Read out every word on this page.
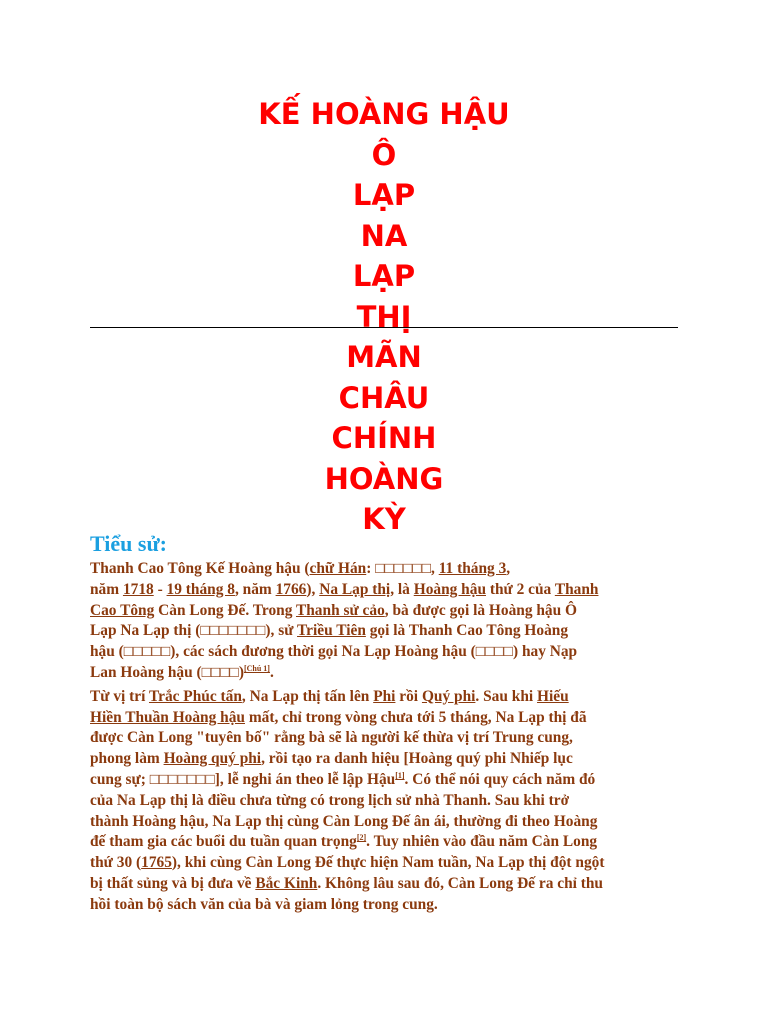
KẾ HOÀNG HẬU
Ô
LẠP
NA
LẠP
THỊ
MÃN
CHÂU
CHÍNH
HOÀNG
KỲ
Tiểu sử:

Thanh Cao Tông Kế Hoàng hậu (chữ Hán: □□□□□□, 11 tháng 3,
năm 1718 - 19 tháng 8, năm 1766), Na Lạp thị, là Hoàng hậu thứ 2 của Thanh
Cao Tông Càn Long Đế. Trong Thanh sử cảo, bà được gọi là Hoàng hậu Ô
Lạp Na Lạp thị (□□□□□□□), sử Triều Tiên gọi là Thanh Cao Tông Hoàng
hậu (□□□□□), các sách đương thời gọi Na Lạp Hoàng hậu (□□□□) hay Nạp
Lan Hoàng hậu (□□□□)[Chú 1].

Từ vị trí Trắc Phúc tấn, Na Lạp thị tấn lên Phi rồi Quý phi. Sau khi Hiếu
Hiền Thuần Hoàng hậu mất, chỉ trong vòng chưa tới 5 tháng, Na Lạp thị đã
được Càn Long "tuyên bố" rằng bà sẽ là người kế thừa vị trí Trung cung,
phong làm Hoàng quý phi, rồi tạo ra danh hiệu [Hoàng quý phi Nhiếp lục
cung sự; □□□□□□□], lễ nghi án theo lễ lập Hậu[1]. Có thể nói quy cách năm đó
của Na Lạp thị là điều chưa từng có trong lịch sử nhà Thanh. Sau khi trở
thành Hoàng hậu, Na Lạp thị cùng Càn Long Đế ân ái, thường đi theo Hoàng
đế tham gia các buổi du tuần quan trọng[2]. Tuy nhiên vào đầu năm Càn Long
thứ 30 (1765), khi cùng Càn Long Đế thực hiện Nam tuần, Na Lạp thị đột ngột
bị thất sủng và bị đưa về Bắc Kinh. Không lâu sau đó, Càn Long Đế ra chỉ thu
hồi toàn bộ sách văn của bà và giam lỏng trong cung.
